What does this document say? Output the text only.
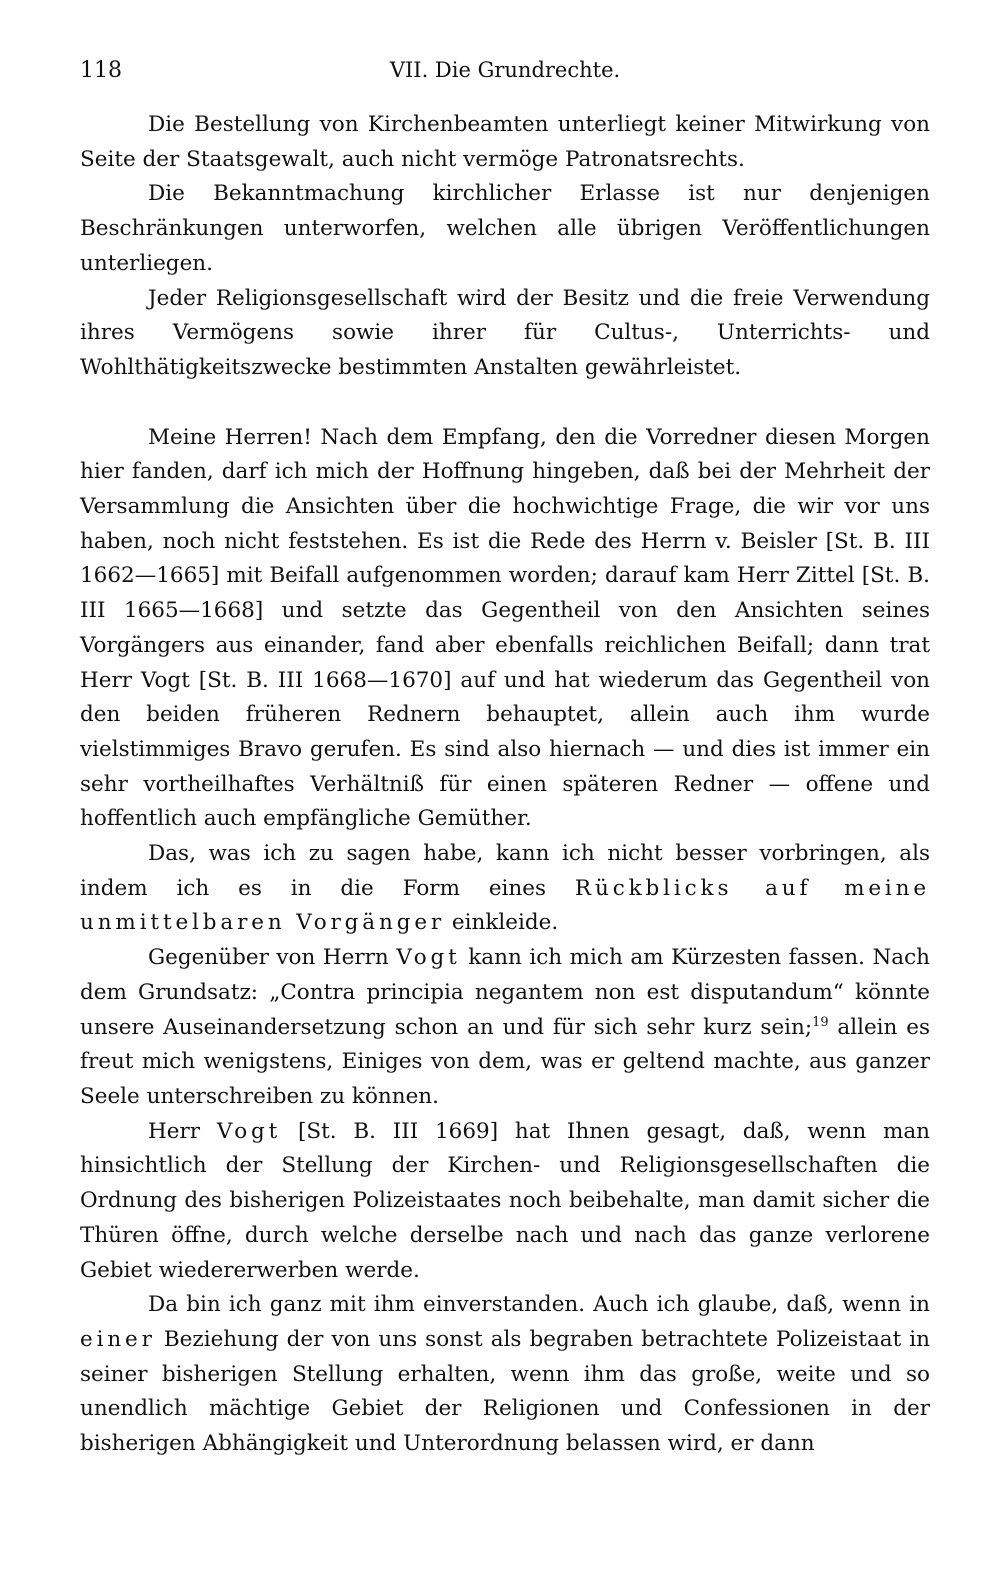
118	VII. Die Grundrechte.

Die Bestellung von Kirchenbeamten unterliegt keiner Mitwirkung von Seite der Staatsgewalt, auch nicht vermöge Patronatsrechts.

Die Bekanntmachung kirchlicher Erlasse ist nur denjenigen Beschränkungen unterworfen, welchen alle übrigen Veröffentlichungen unterliegen.

Jeder Religionsgesellschaft wird der Besitz und die freie Verwendung ihres Vermögens sowie ihrer für Cultus-, Unterrichts- und Wohlthätigkeitszwecke bestimmten Anstalten gewährleistet.

Meine Herren! Nach dem Empfang, den die Vorredner diesen Morgen hier fanden, darf ich mich der Hoffnung hingeben, daß bei der Mehrheit der Versammlung die Ansichten über die hochwichtige Frage, die wir vor uns haben, noch nicht feststehen. Es ist die Rede des Herrn v. Beisler [St. B. III 1662—1665] mit Beifall aufgenommen worden; darauf kam Herr Zittel [St. B. III 1665—1668] und setzte das Gegentheil von den Ansichten seines Vorgängers aus einander, fand aber ebenfalls reichlichen Beifall; dann trat Herr Vogt [St. B. III 1668—1670] auf und hat wiederum das Gegentheil von den beiden früheren Rednern behauptet, allein auch ihm wurde vielstimmiges Bravo gerufen. Es sind also hiernach — und dies ist immer ein sehr vortheilhaftes Verhältniß für einen späteren Redner — offene und hoffentlich auch empfängliche Gemüther.

Das, was ich zu sagen habe, kann ich nicht besser vorbringen, als indem ich es in die Form eines Rückblicks auf meine unmittelbaren Vorgänger einkleide.

Gegenüber von Herrn Vogt kann ich mich am Kürzesten fassen. Nach dem Grundsatz: „Contra principia negantem non est disputandum“ könnte unsere Auseinandersetzung schon an und für sich sehr kurz sein;$^{19}$ allein es freut mich wenigstens, Einiges von dem, was er geltend machte, aus ganzer Seele unterschreiben zu können.

Herr Vogt [St. B. III 1669] hat Ihnen gesagt, daß, wenn man hinsichtlich der Stellung der Kirchen- und Religionsgesellschaften die Ordnung des bisherigen Polizeistaates noch beibehalte, man damit sicher die Thüren öffne, durch welche derselbe nach und nach das ganze verlorene Gebiet wiedererwerben werde.

Da bin ich ganz mit ihm einverstanden. Auch ich glaube, daß, wenn in einer Beziehung der von uns sonst als begraben betrachtete Polizeistaat in seiner bisherigen Stellung erhalten, wenn ihm das große, weite und so unendlich mächtige Gebiet der Religionen und Confessionen in der bisherigen Abhängigkeit und Unterordnung belassen wird, er dann
